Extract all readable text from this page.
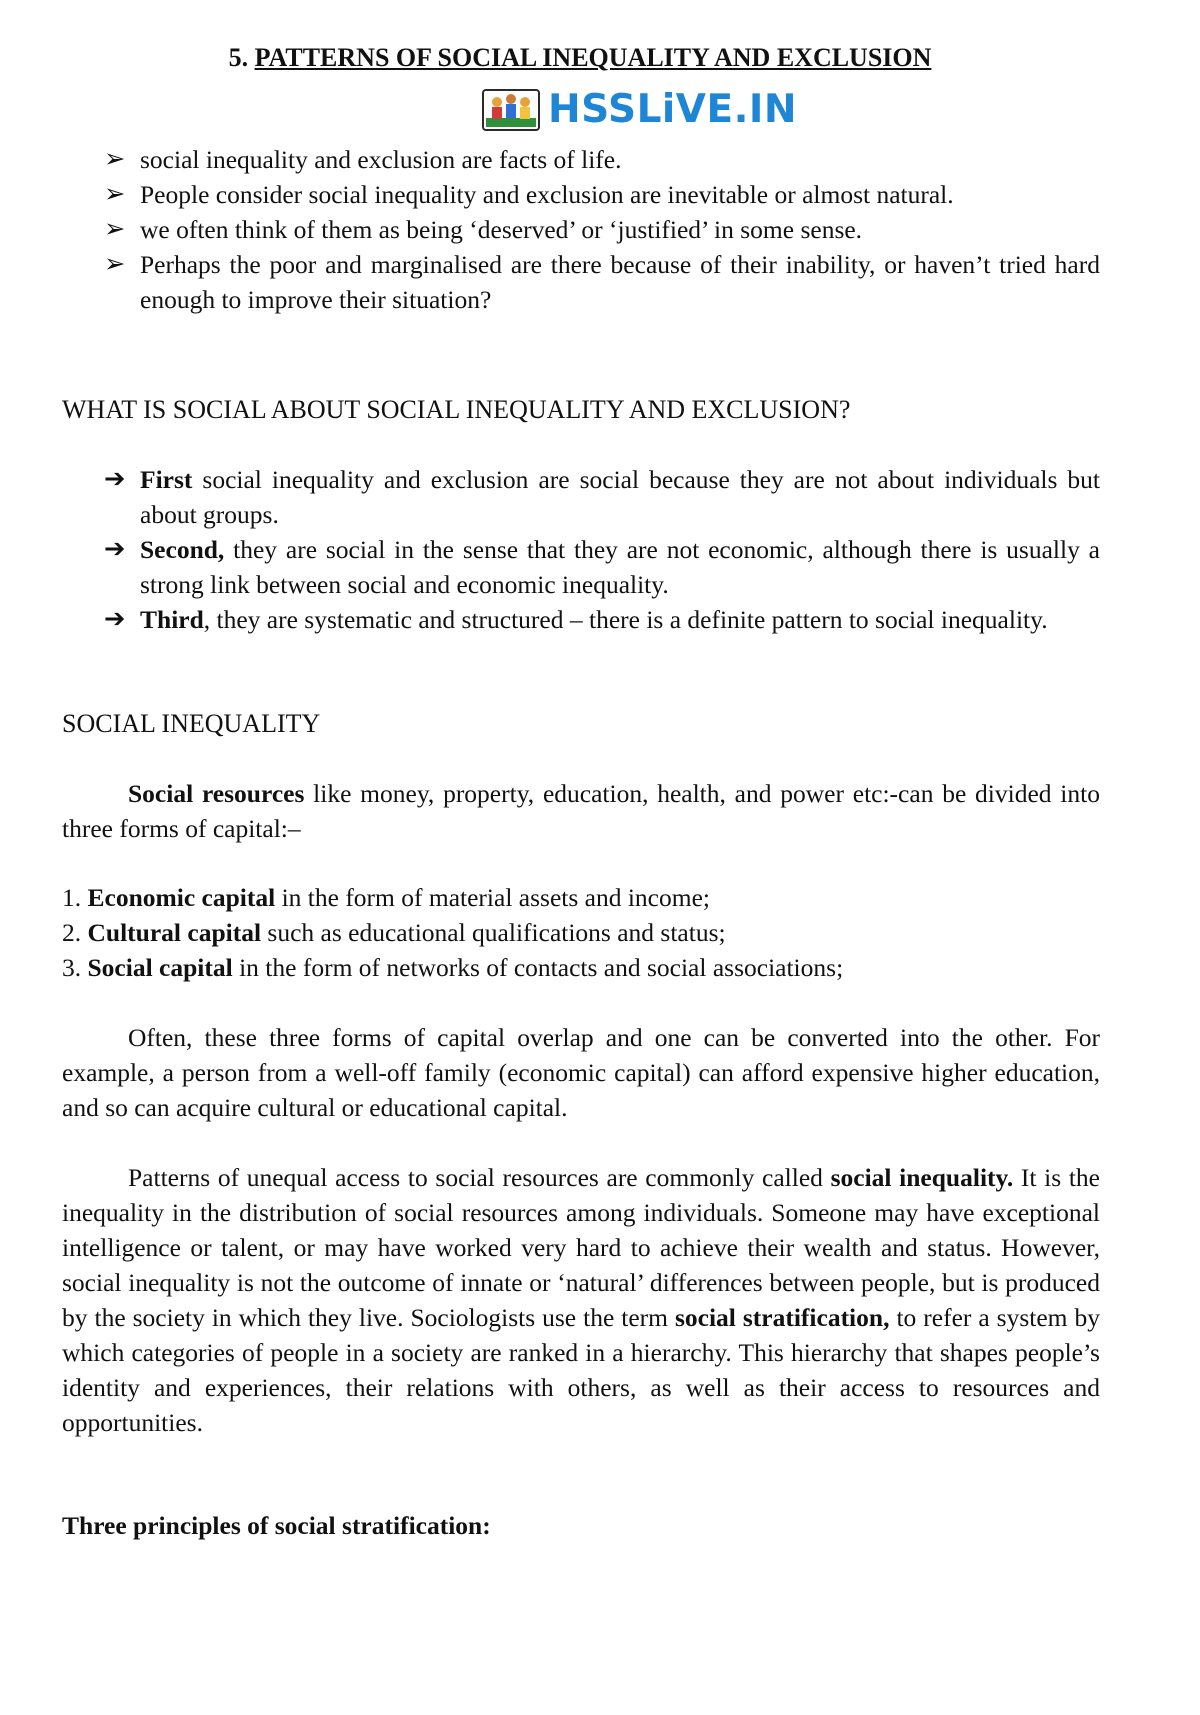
5. PATTERNS OF SOCIAL INEQUALITY AND EXCLUSION
HSSLiVE.IN
➢ social inequality and exclusion are facts of life.
➢ People consider social inequality and exclusion are inevitable or almost natural.
➢ we often think of them as being ‘deserved’ or ‘justified’ in some sense.
➢ Perhaps the poor and marginalised are there because of their inability, or haven’t tried hard enough to improve their situation?
WHAT IS SOCIAL ABOUT SOCIAL INEQUALITY AND EXCLUSION?
➔ First social inequality and exclusion are social because they are not about individuals but about groups.
➔ Second, they are social in the sense that they are not economic, although there is usually a strong link between social and economic inequality.
➔ Third, they are systematic and structured – there is a definite pattern to social inequality.
SOCIAL INEQUALITY

Social resources like money, property, education, health, and power etc:-can be divided into three forms of capital:–

1. Economic capital in the form of material assets and income;
2. Cultural capital such as educational qualifications and status;
3. Social capital in the form of networks of contacts and social associations;

Often, these three forms of capital overlap and one can be converted into the other. For example, a person from a well-off family (economic capital) can afford expensive higher education, and so can acquire cultural or educational capital.

Patterns of unequal access to social resources are commonly called social inequality. It is the inequality in the distribution of social resources among individuals. Someone may have exceptional intelligence or talent, or may have worked very hard to achieve their wealth and status. However, social inequality is not the outcome of innate or ‘natural’ differences between people, but is produced by the society in which they live. Sociologists use the term social stratification, to refer a system by which categories of people in a society are ranked in a hierarchy. This hierarchy that shapes people’s identity and experiences, their relations with others, as well as their access to resources and opportunities.

Three principles of social stratification:
